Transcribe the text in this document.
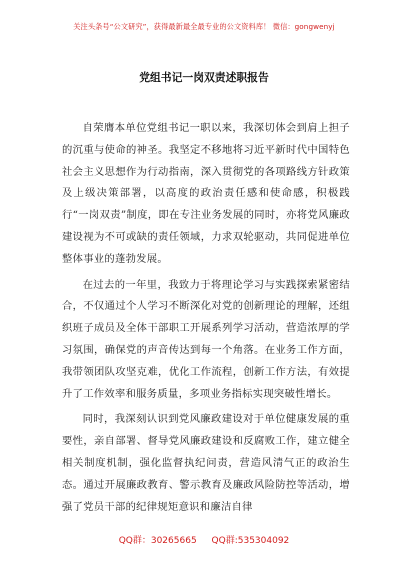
关注头条号“公文研究”，获得最新最全最专业的公文资料库！ 微信：gongwenyj
党组书记一岗双责述职报告

自荣膺本单位党组书记一职以来，我深切体会到肩上担子的沉重与使命的神圣。我坚定不移地将习近平新时代中国特色社会主义思想作为行动指南，深入贯彻党的各项路线方针政策及上级决策部署，以高度的政治责任感和使命感，积极践行“一岗双责”制度，即在专注业务发展的同时，亦将党风廉政建设视为不可或缺的责任领域，力求双轮驱动，共同促进单位整体事业的蓬勃发展。

在过去的一年里，我致力于将理论学习与实践探索紧密结合，不仅通过个人学习不断深化对党的创新理论的理解，还组织班子成员及全体干部职工开展系列学习活动，营造浓厚的学习氛围，确保党的声音传达到每一个角落。在业务工作方面，我带领团队攻坚克难，优化工作流程，创新工作方法，有效提升了工作效率和服务质量，多项业务指标实现突破性增长。

同时，我深刻认识到党风廉政建设对于单位健康发展的重要性，亲自部署、督导党风廉政建设和反腐败工作，建立健全相关制度机制，强化监督执纪问责，营造风清气正的政治生态。通过开展廉政教育、警示教育及廉政风险防控等活动，增强了党员干部的纪律规矩意识和廉洁自律

QQ群：30265665 QQ群:535304092
